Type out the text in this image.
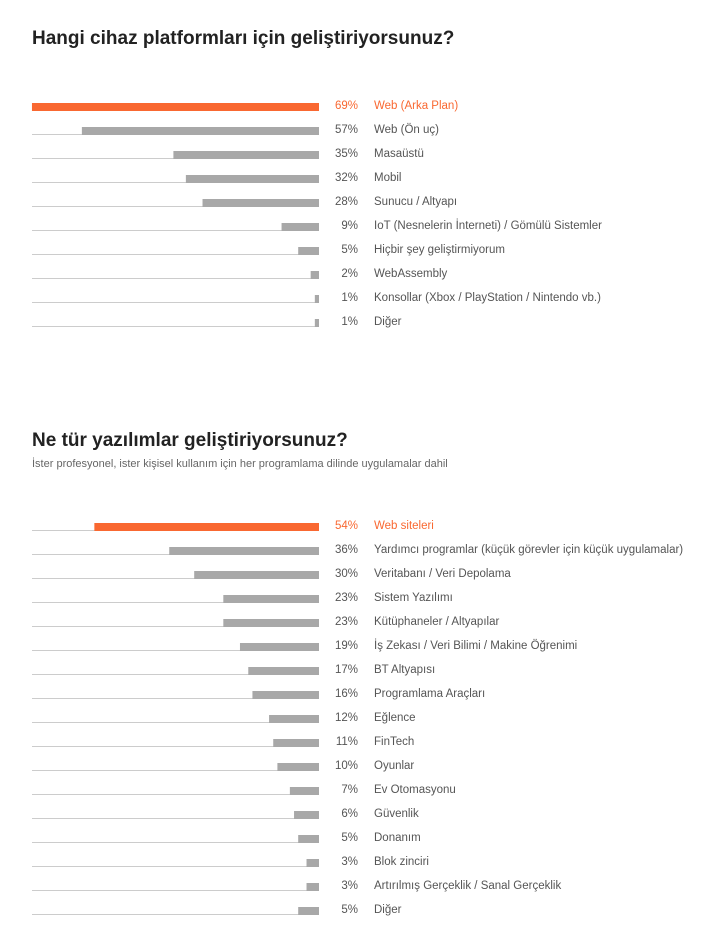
Hangi cihaz platformları için geliştiriyorsunuz?
69% Web (Arka Plan)
57% Web (Ön uç)
35% Masaüstü
32% Mobil
28% Sunucu / Altyapı
9% IoT (Nesnelerin İnterneti) / Gömülü Sistemler
5% Hiçbir şey geliştirmiyorum
2% WebAssembly
1% Konsollar (Xbox / PlayStation / Nintendo vb.)
1% Diğer
Ne tür yazılımlar geliştiriyorsunuz?

İster profesyonel, ister kişisel kullanım için her programlama dilinde uygulamalar dahil

54% Web siteleri
36% Yardımcı programlar (küçük görevler için küçük uygulamalar)
30% Veritabanı / Veri Depolama
23% Sistem Yazılımı
23% Kütüphaneler / Altyapılar
19% İş Zekası / Veri Bilimi / Makine Öğrenimi
17% BT Altyapısı
16% Programlama Araçları
12% Eğlence
11% FinTech
10% Oyunlar
7% Ev Otomasyonu
6% Güvenlik
5% Donanım
3% Blok zinciri
3% Artırılmış Gerçeklik / Sanal Gerçeklik
5% Diğer
